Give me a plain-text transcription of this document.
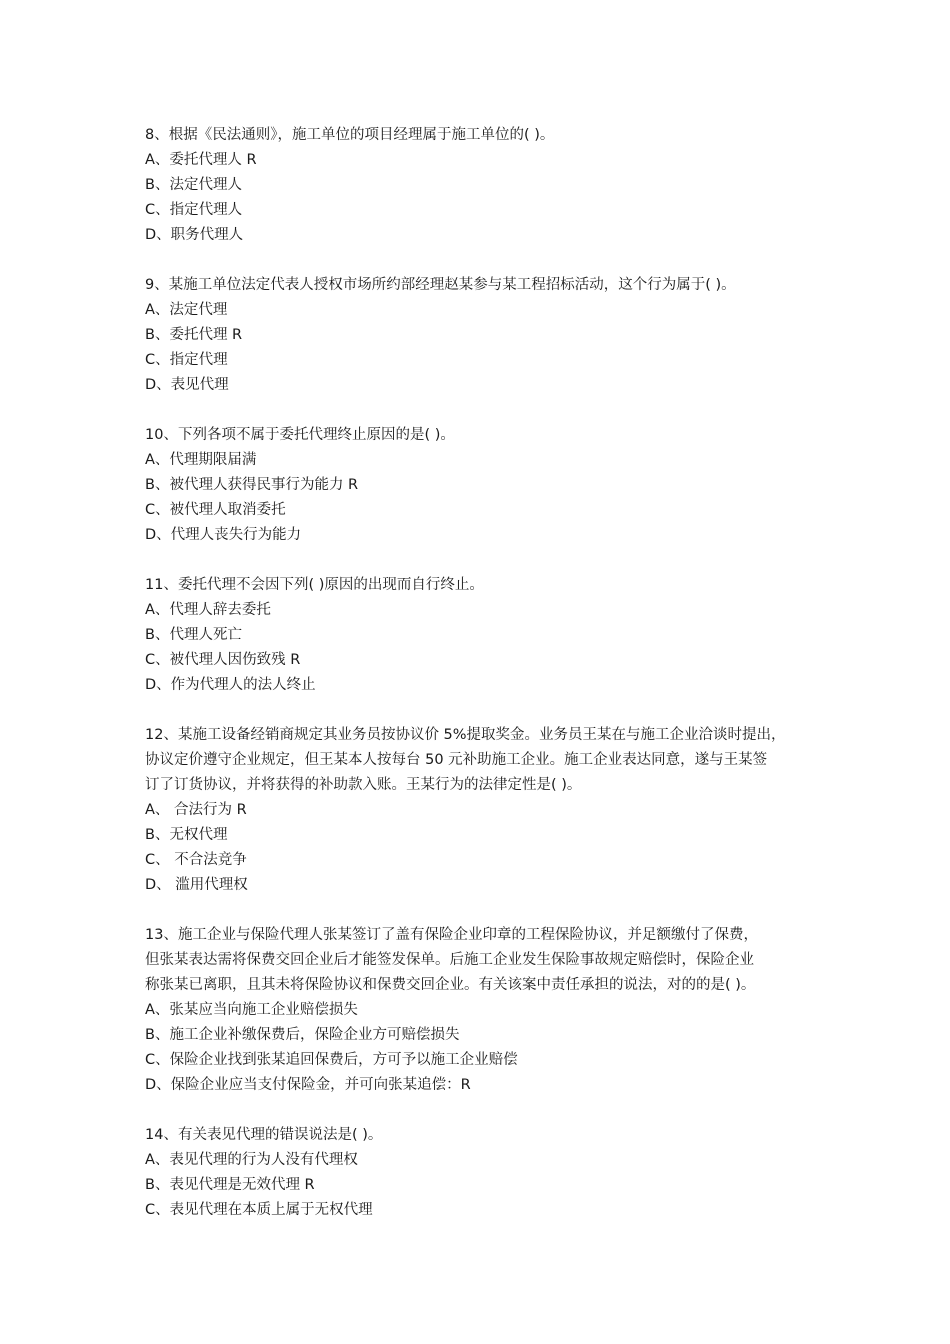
8、根据《民法通则》，施工单位的项目经理属于施工单位的( )。
A、委托代理人 R
B、法定代理人
C、指定代理人
D、职务代理人
9、某施工单位法定代表人授权市场所约部经理赵某参与某工程招标活动，这个行为属于( )。
A、法定代理
B、委托代理 R
C、指定代理
D、表见代理
10、下列各项不属于委托代理终止原因的是( )。
A、代理期限届满
B、被代理人获得民事行为能力 R
C、被代理人取消委托
D、代理人丧失行为能力
11、委托代理不会因下列( )原因的出现而自行终止。
A、代理人辞去委托
B、代理人死亡
C、被代理人因伤致残 R
D、作为代理人的法人终止
12、某施工设备经销商规定其业务员按协议价 5%提取奖金。业务员王某在与施工企业洽谈时提出，
协议定价遵守企业规定，但王某本人按每台 50 元补助施工企业。施工企业表达同意，遂与王某签
订了订货协议，并将获得的补助款入账。王某行为的法律定性是( )。
A、 合法行为 R
B、无权代理
C、 不合法竞争
D、 滥用代理权
13、施工企业与保险代理人张某签订了盖有保险企业印章的工程保险协议，并足额缴付了保费，
但张某表达需将保费交回企业后才能签发保单。后施工企业发生保险事故规定赔偿时，保险企业
称张某已离职，且其未将保险协议和保费交回企业。有关该案中责任承担的说法，对的的是( )。
A、张某应当向施工企业赔偿损失
B、施工企业补缴保费后，保险企业方可赔偿损失
C、保险企业找到张某追回保费后，方可予以施工企业赔偿
D、保险企业应当支付保险金，并可向张某追偿：R
14、有关表见代理的错误说法是( )。
A、表见代理的行为人没有代理权
B、表见代理是无效代理 R
C、表见代理在本质上属于无权代理
